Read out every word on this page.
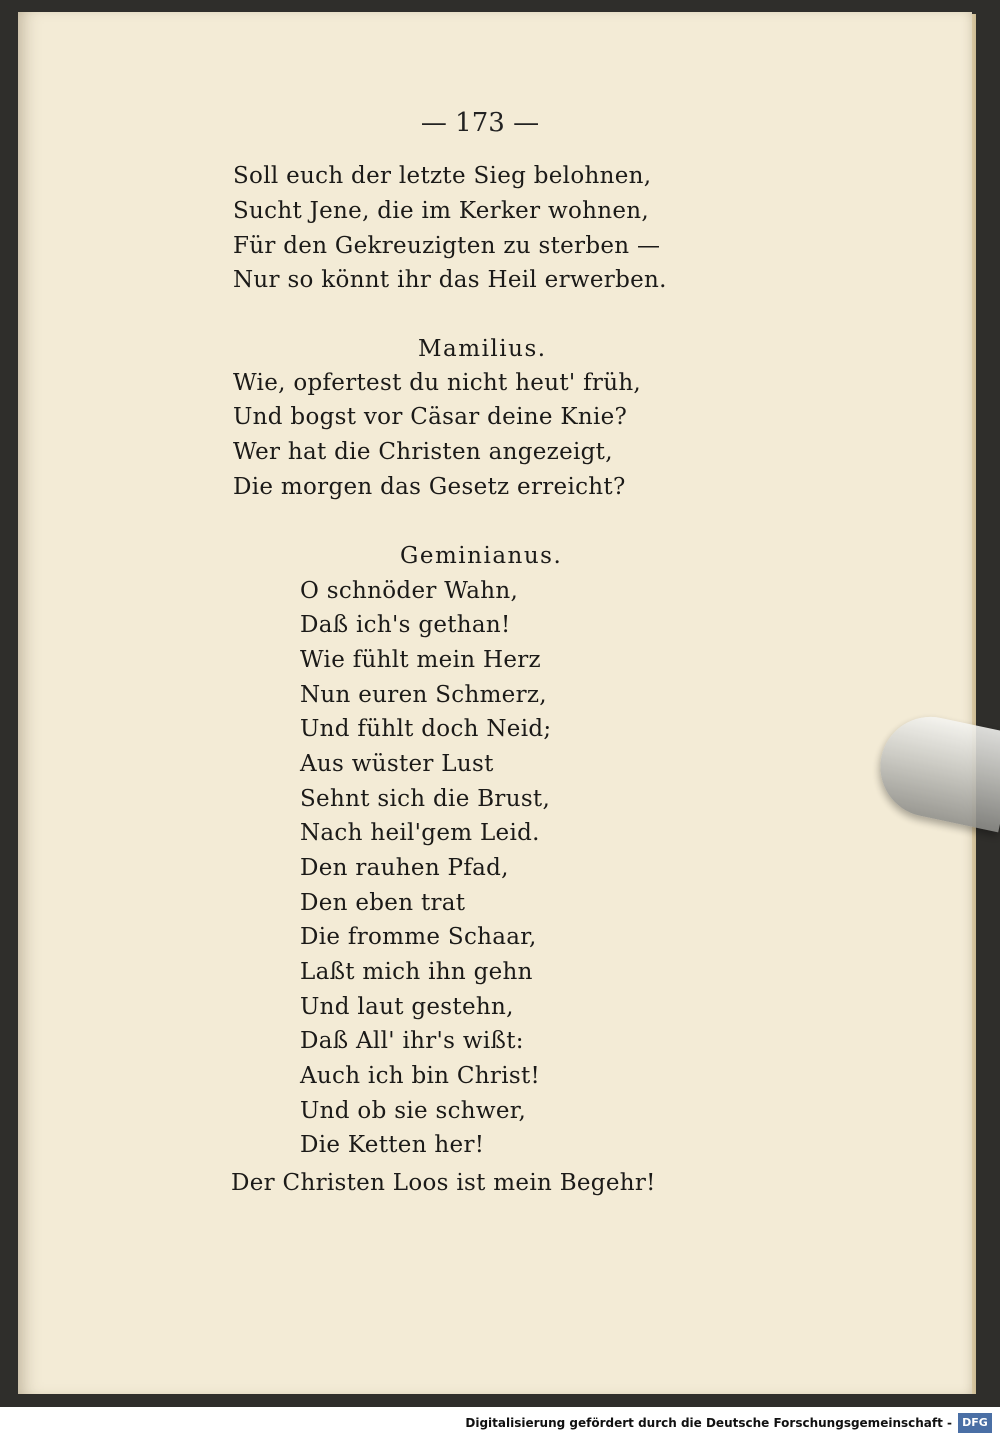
— 173 —
Soll euch der letzte Sieg belohnen,
Sucht Jene, die im Kerker wohnen,
Für den Gekreuzigten zu sterben —
Nur so könnt ihr das Heil erwerben.
Mamilius.
Wie, opfertest du nicht heut' früh,
Und bogst vor Cäsar deine Knie?
Wer hat die Christen angezeigt,
Die morgen das Gesetz erreicht?
Geminianus.
O schnöder Wahn,
Daß ich's gethan!
Wie fühlt mein Herz
Nun euren Schmerz,
Und fühlt doch Neid;
Aus wüster Lust
Sehnt sich die Brust,
Nach heil'gem Leid.
Den rauhen Pfad,
Den eben trat
Die fromme Schaar,
Laßt mich ihn gehn
Und laut gestehn,
Daß All' ihr's wißt:
Auch ich bin Christ!
Und ob sie schwer,
Die Ketten her!
Der Christen Loos ist mein Begehr!
Digitalisierung gefördert durch die Deutsche Forschungsgemeinschaft - DFG
